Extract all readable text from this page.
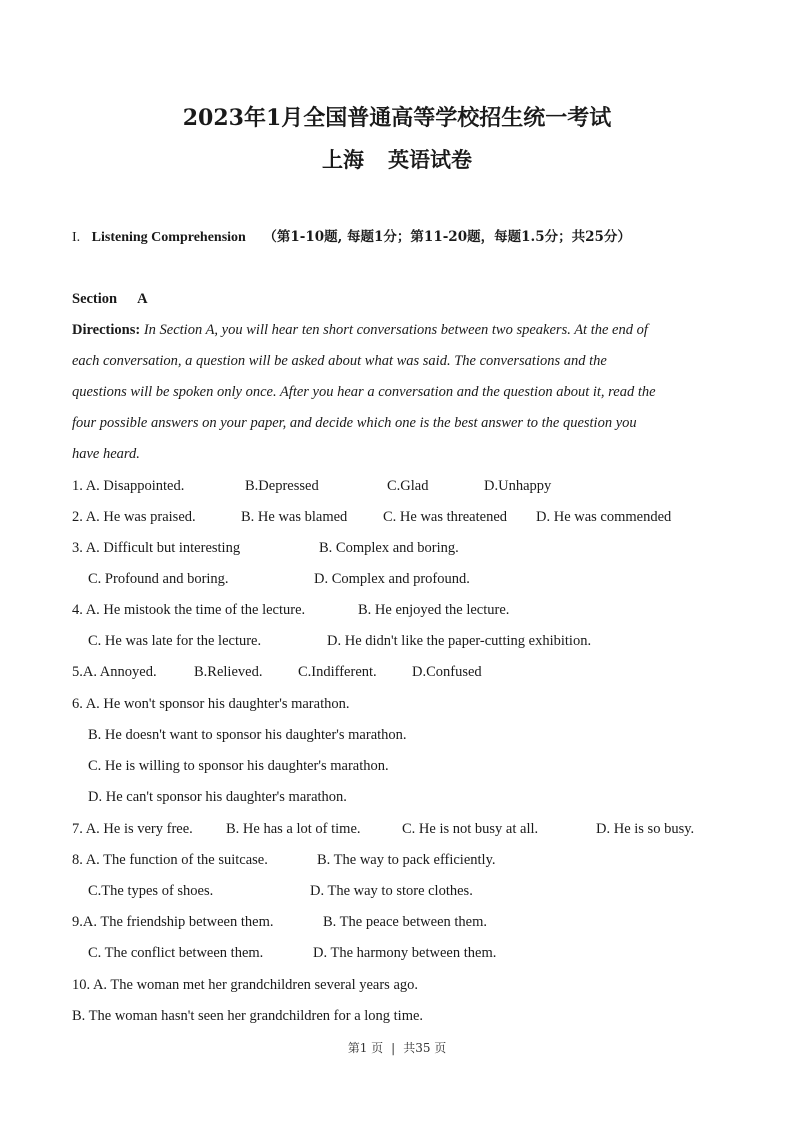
2023年1月全国普通高等学校招生统一考试
上海 英语试卷
I. Listening Comprehension （第1-10题, 每题1分；第11-20题，每题1.5分；共25分）
Section A
Directions: In Section A, you will hear ten short conversations between two speakers. At the end of
each conversation, a question will be asked about what was said. The conversations and the
questions will be spoken only once. After you hear a conversation and the question about it, read the
four possible answers on your paper, and decide which one is the best answer to the question you
have heard.
1. A. Disappointed.	B.Depressed	C.Glad	D.Unhappy
2. A. He was praised.	B. He was blamed C. He was threatened D. He was commended
3. A. Difficult but interesting	B. Complex and boring.
C. Profound and boring.	D. Complex and profound.
4. A. He mistook the time of the lecture.	B. He enjoyed the lecture.
C. He was late for the lecture.	D. He didn't like the paper-cutting exhibition.
5.A. Annoyed.	B.Relieved. C.Indifferent. D.Confused
6. A. He won't sponsor his daughter's marathon.
B. He doesn't want to sponsor his daughter's marathon.
C. He is willing to sponsor his daughter's marathon.
D. He can't sponsor his daughter's marathon.
7. A. He is very free. B. He has a lot of time.	C. He is not busy at all.	D. He is so busy.
8. A. The function of the suitcase.	B. The way to pack efficiently.
C.The types of shoes.	D. The way to store clothes.
9.A. The friendship between them.	B. The peace between them.
C. The conflict between them.	D. The harmony between them.
10. A. The woman met her grandchildren several years ago.
B. The woman hasn't seen her grandchildren for a long time.
第1 页 | 共35 页
